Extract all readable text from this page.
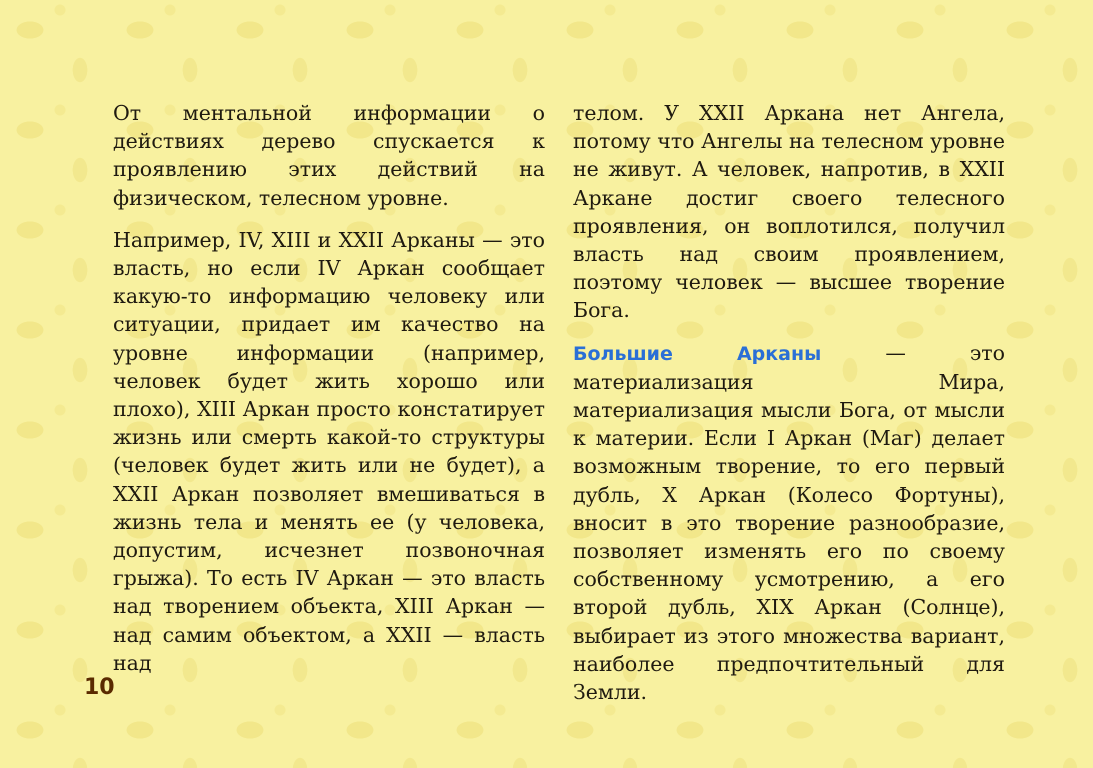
От ментальной информации о действиях дерево спускается к проявлению этих действий на физическом, телесном уровне.

Например, IV, XIII и XXII Арканы — это власть, но если IV Аркан сообщает какую-то информацию человеку или ситуации, придает им качество на уровне информации (например, человек будет жить хорошо или плохо), XIII Аркан просто констатирует жизнь или смерть какой-то структуры (человек будет жить или не будет), а XXII Аркан позволяет вмешиваться в жизнь тела и менять ее (у человека, допустим, исчезнет позвоночная грыжа). То есть IV Аркан — это власть над творением объекта, XIII Аркан — над самим объектом, а XXII — власть над

телом. У XXII Аркана нет Ангела, потому что Ангелы на телесном уровне не живут. А человек, напротив, в XXII Аркане достиг своего телесного проявления, он воплотился, получил власть над своим проявлением, поэтому человек — высшее творение Бога.

Большие Арканы — это материализация Мира, материализация мысли Бога, от мысли к материи. Если I Аркан (Маг) делает возможным творение, то его первый дубль, X Аркан (Колесо Фортуны), вносит в это творение разнообразие, позволяет изменять его по своему собственному усмотрению, а его второй дубль, XIX Аркан (Солнце), выбирает из этого множества вариант, наиболее предпочтительный для Земли.

10
